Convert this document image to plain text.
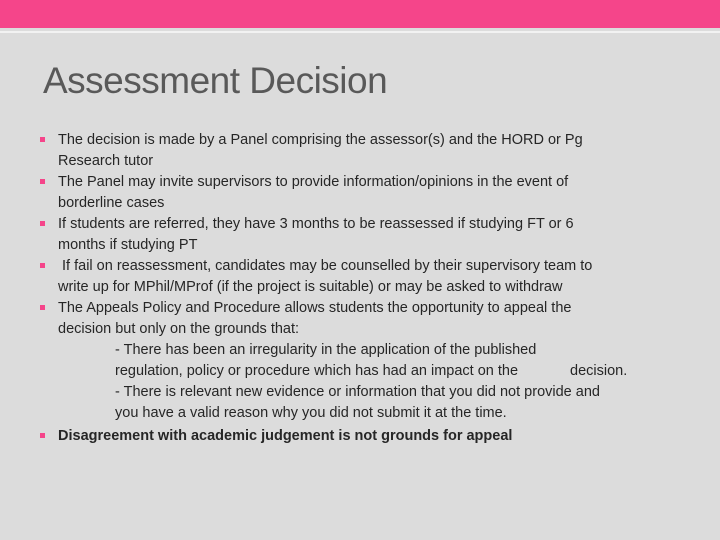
Assessment Decision
The decision is made by a Panel comprising the assessor(s) and the HORD or Pg
Research tutor
The Panel may invite supervisors to provide information/opinions in the event of
borderline cases
If students are referred, they have 3 months to be reassessed if studying FT or 6
months if studying PT
If fail on reassessment, candidates may be counselled by their supervisory team to
write up for MPhil/MProf (if the project is suitable) or may be asked to withdraw
The Appeals Policy and Procedure allows students the opportunity to appeal the
decision but only on the grounds that:
- There has been an irregularity in the application of the published
regulation, policy or procedure which has had an impact on the	decision.
- There is relevant new evidence or information that you did not provide and
you have a valid reason why you did not submit it at the time.
Disagreement with academic judgement is not grounds for appeal
